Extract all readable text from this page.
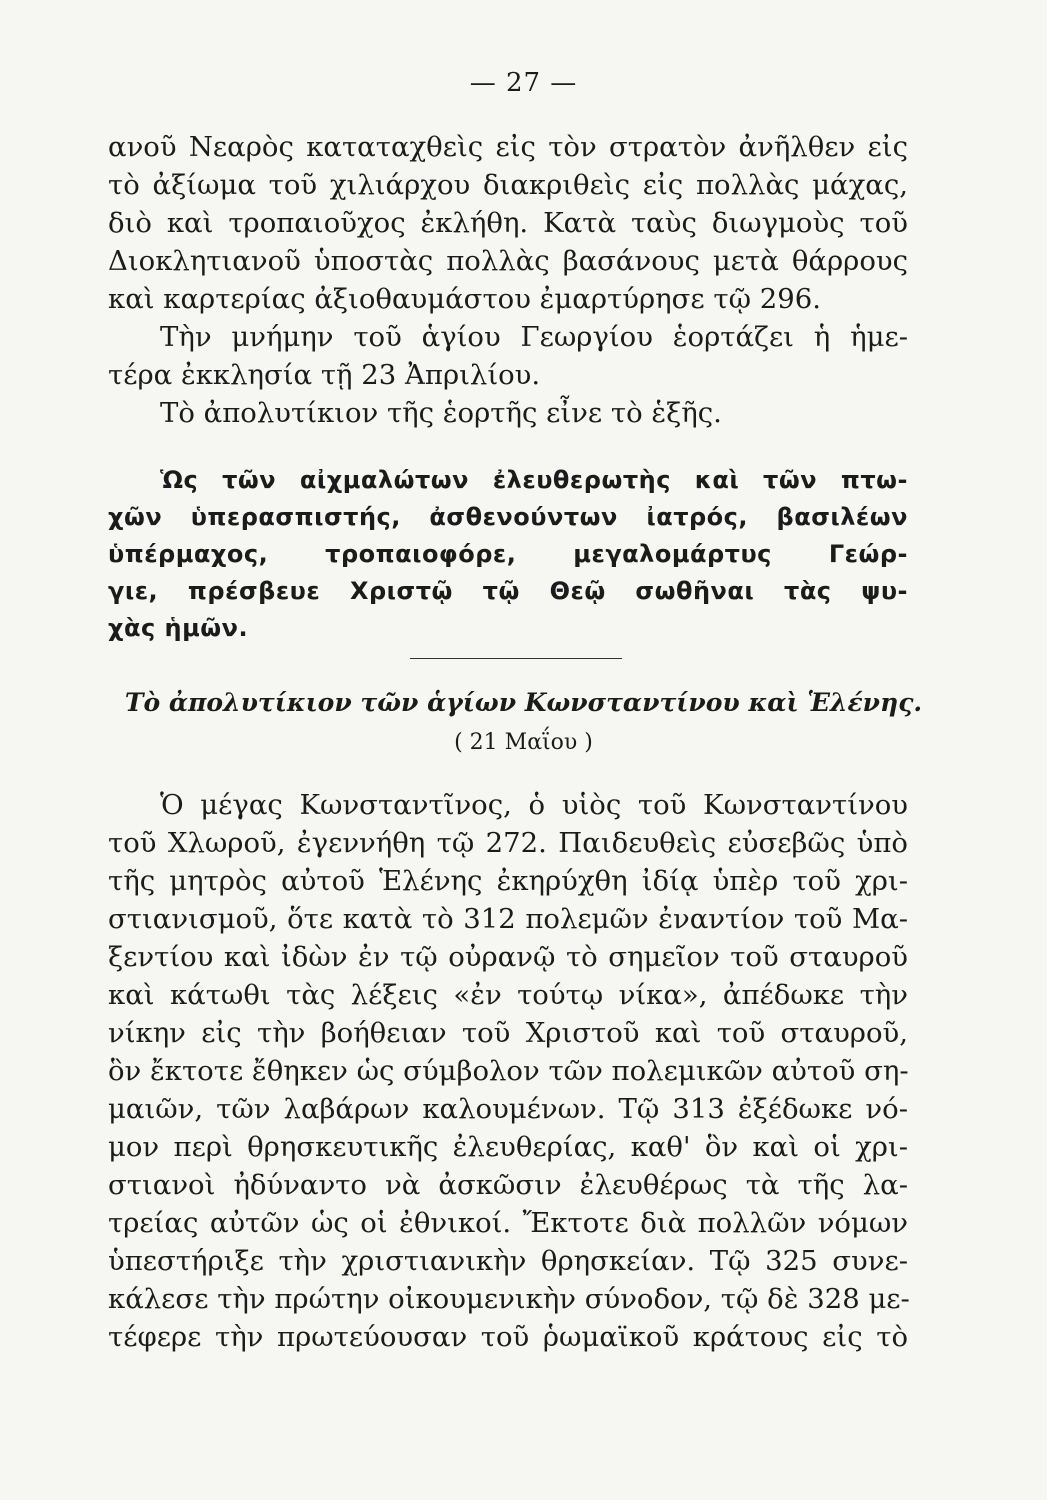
— 27 —
ανοῦ Νεαρὸς καταταχθεὶς εἰς τὸν στρατὸν ἀνῆλθεν εἰς
τὸ ἀξίωμα τοῦ χιλιάρχου διακριθεὶς εἰς πολλὰς μάχας,
διὸ καὶ τροπαιοῦχος ἐκλήθη. Κατὰ ταὺς διωγμοὺς τοῦ
Διοκλητιανοῦ ὑποστὰς πολλὰς βασάνους μετὰ θάρρους
καὶ καρτερίας ἀξιοθαυμάστου ἐμαρτύρησε τῷ 296.
Τὴν μνήμην τοῦ ἁγίου Γεωργίου ἑορτάζει ἡ ἡμε-
τέρα ἐκκλησία τῇ 23 Ἀπριλίου.
Τὸ ἀπολυτίκιον τῆς ἑορτῆς εἶνε τὸ ἑξῆς.
Ὡς τῶν αἰχμαλώτων ἐλευθερωτὴς καὶ τῶν πτω-
χῶν ὑπερασπιστής, ἀσθενούντων ἰατρός, βασιλέων
ὑπέρμαχος, τροπαιοφόρε, μεγαλομάρτυς Γεώρ-
γιε, πρέσβευε Χριστῷ τῷ Θεῷ σωθῆναι τὰς ψυ-
χὰς ἡμῶν.
Τὸ ἀπολυτίκιον τῶν ἁγίων Κωνσταντίνου καὶ Ἑλένης.
( 21 Μαΐου )
Ὁ μέγας Κωνσταντῖνος, ὁ υἱὸς τοῦ Κωνσταντίνου
τοῦ Χλωροῦ, ἐγεννήθη τῷ 272. Παιδευθεὶς εὐσεβῶς ὑπὸ
τῆς μητρὸς αὐτοῦ Ἑλένης ἐκηρύχθη ἰδίᾳ ὑπὲρ τοῦ χρι-
στιανισμοῦ, ὅτε κατὰ τὸ 312 πολεμῶν ἐναντίον τοῦ Μα-
ξεντίου καὶ ἰδὼν ἐν τῷ οὐρανῷ τὸ σημεῖον τοῦ σταυροῦ
καὶ κάτωθι τὰς λέξεις «ἐν τούτῳ νίκα», ἀπέδωκε τὴν
νίκην εἰς τὴν βοήθειαν τοῦ Χριστοῦ καὶ τοῦ σταυροῦ,
ὃν ἔκτοτε ἔθηκεν ὡς σύμβολον τῶν πολεμικῶν αὐτοῦ ση-
μαιῶν, τῶν λαβάρων καλουμένων. Τῷ 313 ἐξέδωκε νό-
μον περὶ θρησκευτικῆς ἐλευθερίας, καθ' ὃν καὶ οἱ χρι-
στιανοὶ ἠδύναντο νὰ ἀσκῶσιν ἐλευθέρως τὰ τῆς λα-
τρείας αὐτῶν ὡς οἱ ἐθνικοί. Ἔκτοτε διὰ πολλῶν νόμων
ὑπεστήριξε τὴν χριστιανικὴν θρησκείαν. Τῷ 325 συνε-
κάλεσε τὴν πρώτην οἰκουμενικὴν σύνοδον, τῷ δὲ 328 με-
τέφερε τὴν πρωτεύουσαν τοῦ ῥωμαϊκοῦ κράτους εἰς τὸ
